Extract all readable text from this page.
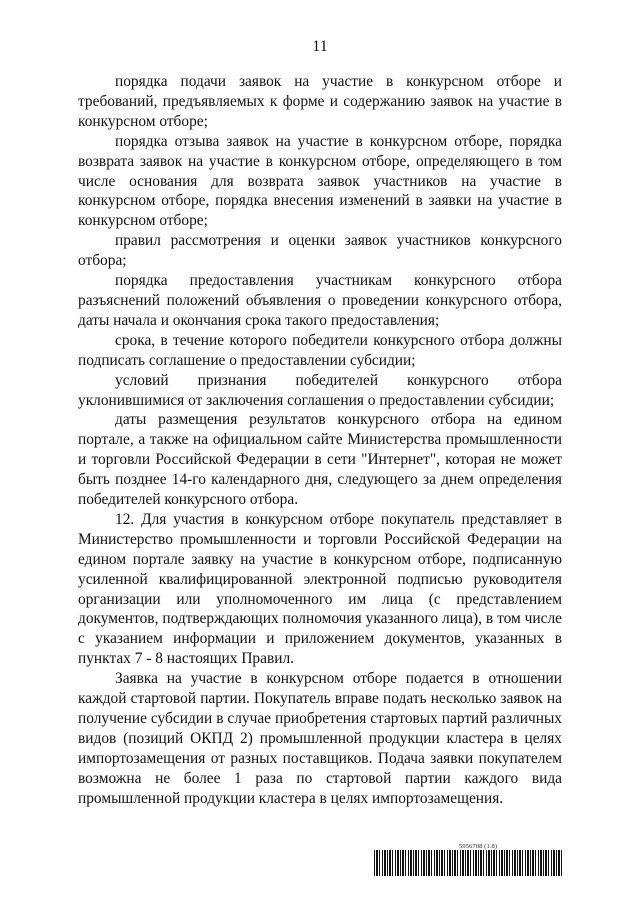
11

порядка подачи заявок на участие в конкурсном отборе и требований, предъявляемых к форме и содержанию заявок на участие в конкурсном отборе;

порядка отзыва заявок на участие в конкурсном отборе, порядка возврата заявок на участие в конкурсном отборе, определяющего в том числе основания для возврата заявок участников на участие в конкурсном отборе, порядка внесения изменений в заявки на участие в конкурсном отборе;

правил рассмотрения и оценки заявок участников конкурсного отбора;

порядка предоставления участникам конкурсного отбора разъяснений положений объявления о проведении конкурсного отбора, даты начала и окончания срока такого предоставления;

срока, в течение которого победители конкурсного отбора должны подписать соглашение о предоставлении субсидии;

условий признания победителей конкурсного отбора уклонившимися от заключения соглашения о предоставлении субсидии;

даты размещения результатов конкурсного отбора на едином портале, а также на официальном сайте Министерства промышленности и торговли Российской Федерации в сети "Интернет", которая не может быть позднее 14-го календарного дня, следующего за днем определения победителей конкурсного отбора.

12. Для участия в конкурсном отборе покупатель представляет в Министерство промышленности и торговли Российской Федерации на едином портале заявку на участие в конкурсном отборе, подписанную усиленной квалифицированной электронной подписью руководителя организации или уполномоченного им лица (с представлением документов, подтверждающих полномочия указанного лица), в том числе с указанием информации и приложением документов, указанных в пунктах 7 - 8 настоящих Правил.

Заявка на участие в конкурсном отборе подается в отношении каждой стартовой партии. Покупатель вправе подать несколько заявок на получение субсидии в случае приобретения стартовых партий различных видов (позиций ОКПД 2) промышленной продукции кластера в целях импортозамещения от разных поставщиков. Подача заявки покупателем возможна не более 1 раза по стартовой партии каждого вида промышленной продукции кластера в целях импортозамещения.

5956708 (1.8)
